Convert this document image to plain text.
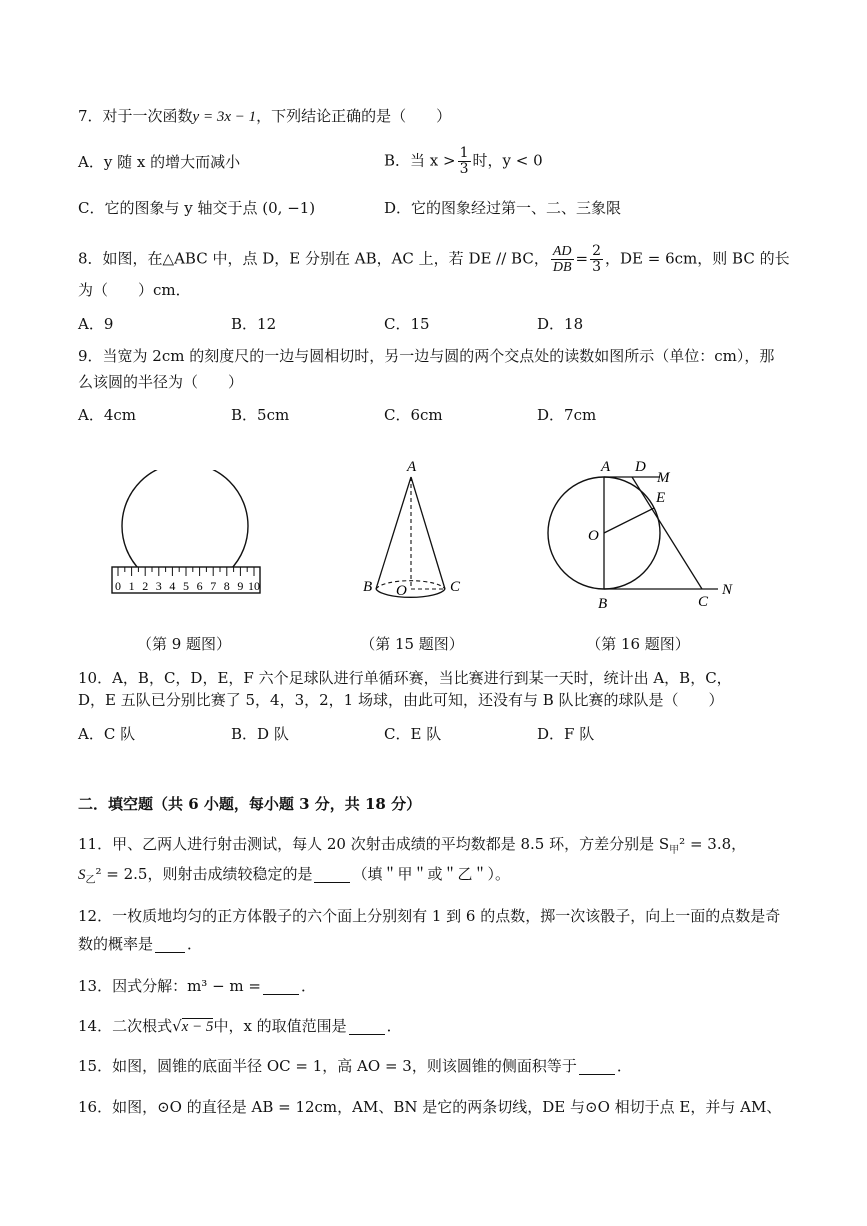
7．对于一次函数y = 3x − 1，下列结论正确的是（　　）
A．y 随 x 的增大而减小	B．当 $x > \frac{1}{3}$ 时，y < 0
C．它的图象与 y 轴交于点 (0, −1)	D．它的图象经过第一、二、三象限
8．如图，在△ABC 中，点 D，E 分别在 AB，AC 上，若 DE // BC， $\frac{AD}{DB} = \frac{2}{3}$ ，DE = 6cm，则 BC 的长
为（　　）cm．
A．9	B．12	C．15	D．18
9．当宽为 2cm 的刻度尺的一边与圆相切时，另一边与圆的两个交点处的读数如图所示（单位：cm），那
么该圆的半径为（　　）
A．4cm	B．5cm	C．6cm	D．7cm
0 1 2 3 4 5 6 7 8 9 10
（第 9 题图）
A
B O	C
（第 15 题图）
A D
M
E
O
B	C
N
（第 16 题图）
10．A，B，C，D，E，F 六个足球队进行单循环赛，当比赛进行到某一天时，统计出 A，B，C，
D，E 五队已分别比赛了 5，4，3，2，1 场球，由此可知，还没有与 B 队比赛的球队是（　　）
A．C 队	B．D 队	C．E 队	D．F 队
二．填空题（共 6 小题，每小题 3 分，共 18 分）
11．甲、乙两人进行射击测试，每人 20 次射击成绩的平均数都是 8.5 环，方差分别是 $S_甲^2 = 3.8$，
$S_乙^2 = 2.5$，则射击成绩较稳定的是	（填＂甲＂或＂乙＂）。
12．一枚质地均匀的正方体骰子的六个面上分别刻有 1 到 6 的点数，掷一次该骰子，向上一面的点数是奇
数的概率是 ．
13．因式分解：m³ − m =	．
14．二次根式√x − 5中，x 的取值范围是	．
15．如图，圆锥的底面半径 OC = 1，高 AO = 3，则该圆锥的侧面积等于	．
16．如图，⊙O 的直径是 AB = 12cm，AM、BN 是它的两条切线，DE 与⊙O 相切于点 E，并与 AM、
